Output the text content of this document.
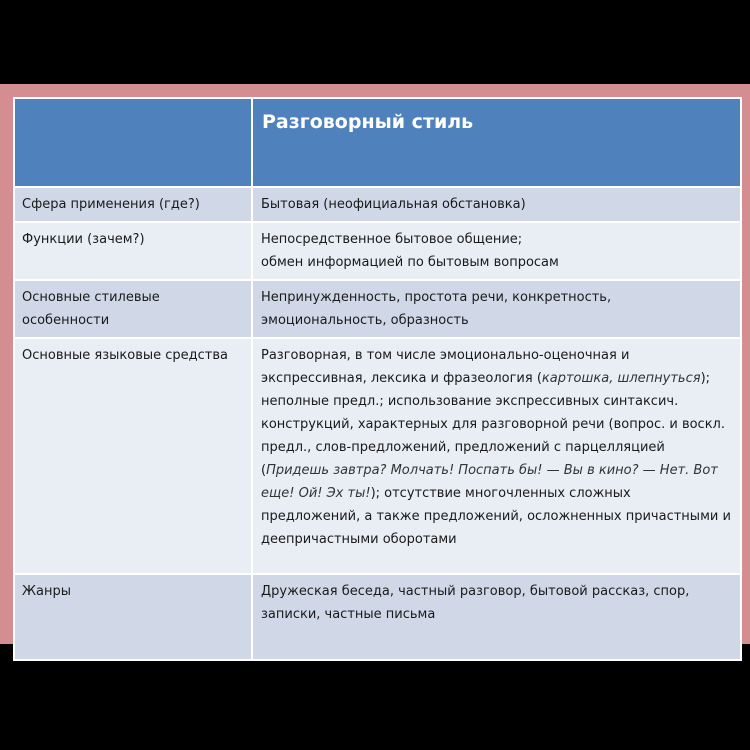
	Разговорный стиль
Сфера применения (где?)	Бытовая (неофициальная обстановка)
Функции (зачем?)	Непосредственное бытовое общение;
обмен информацией по бытовым вопросам
Основные стилевые особенности	Непринужденность, простота речи, конкретность, эмоциональность, образность
Основные языковые средства	Разговорная, в том числе эмоционально-оценочная и экспрессивная, лексика и фразеология (картошка, шлепнуться); неполные предл.; использование экспрессивных синтаксич. конструкций, характерных для разговорной речи (вопрос. и воскл. предл., слов-предложений, предложений с парцелляцией (Придешь завтра? Молчать! Поспать бы! — Вы в кино? — Нет. Вот еще! Ой! Эх ты!); отсутствие многочленных сложных предложений, а также предложений, осложненных причастными и деепричастными оборотами
Жанры	Дружеская беседа, частный разговор, бытовой рассказ, спор, записки, частные письма
